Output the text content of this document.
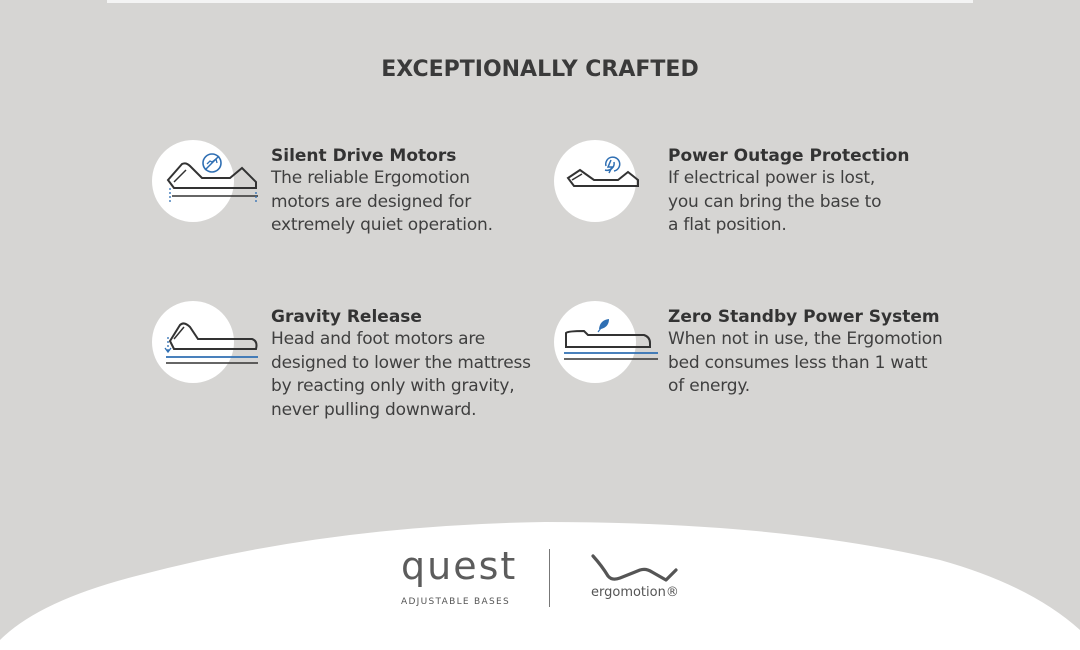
EXCEPTIONALLY CRAFTED
Silent Drive Motors
The reliable Ergomotion
motors are designed for
extremely quiet operation.
Power Outage Protection
If electrical power is lost,
you can bring the base to
a flat position.
Gravity Release
Head and foot motors are
designed to lower the mattress
by reacting only with gravity,
never pulling downward.
Zero Standby Power System
When not in use, the Ergomotion
bed consumes less than 1 watt
of energy.
quest
ADJUSTABLE BASES
ergomotion®
